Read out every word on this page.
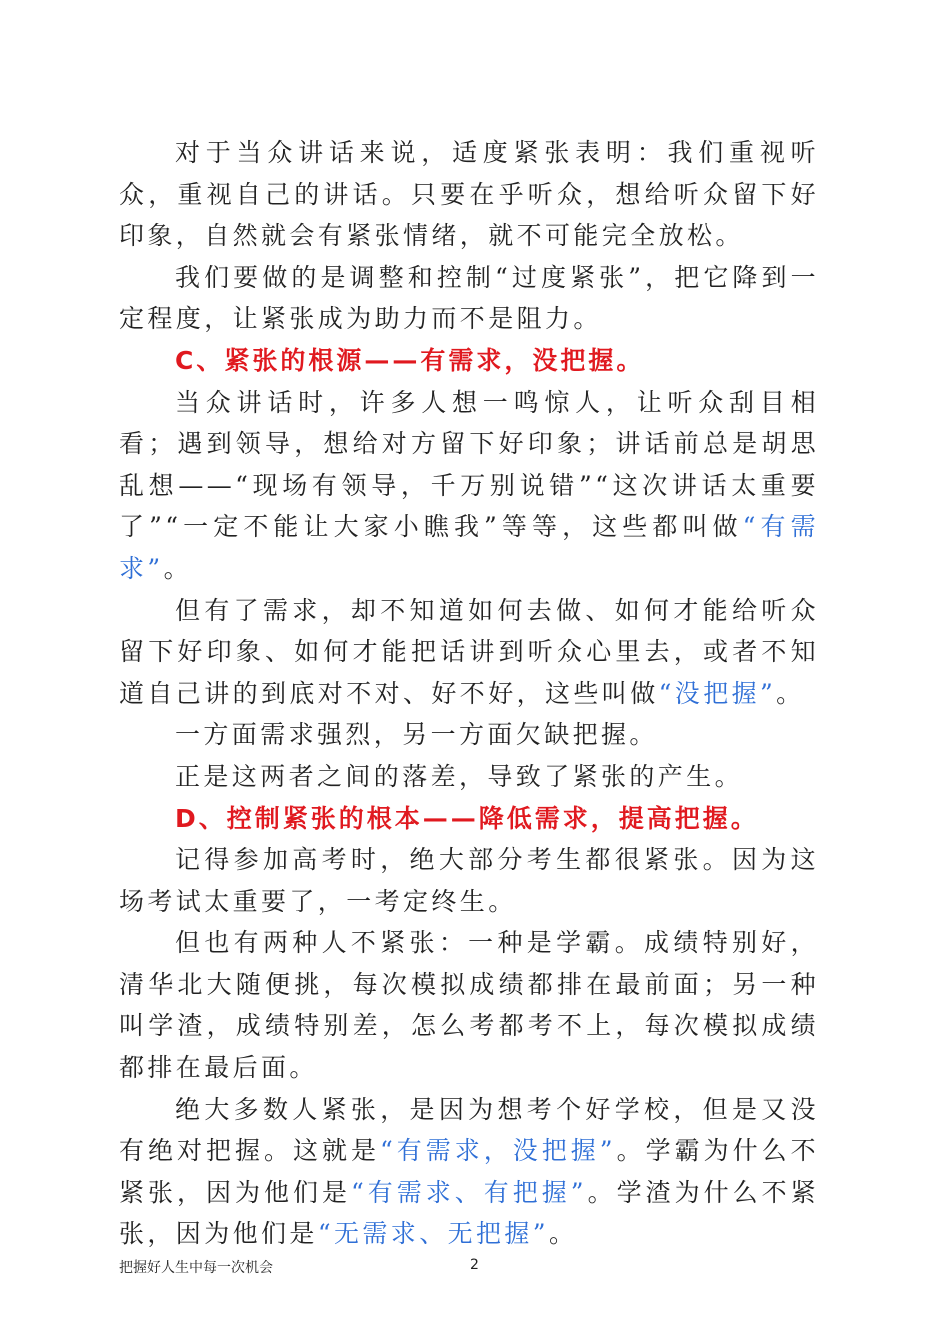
对于当众讲话来说，适度紧张表明：我们重视听众，重视自己的讲话。只要在乎听众，想给听众留下好印象，自然就会有紧张情绪，就不可能完全放松。

我们要做的是调整和控制“过度紧张”，把它降到一定程度，让紧张成为助力而不是阻力。

C、紧张的根源——有需求，没把握。

当众讲话时，许多人想一鸣惊人，让听众刮目相看；遇到领导，想给对方留下好印象；讲话前总是胡思乱想——“现场有领导，千万别说错”“这次讲话太重要了”“一定不能让大家小瞧我”等等，这些都叫做“有需求”。

但有了需求，却不知道如何去做、如何才能给听众留下好印象、如何才能把话讲到听众心里去，或者不知道自己讲的到底对不对、好不好，这些叫做“没把握”。

一方面需求强烈，另一方面欠缺把握。

正是这两者之间的落差，导致了紧张的产生。

D、控制紧张的根本——降低需求，提高把握。

记得参加高考时，绝大部分考生都很紧张。因为这场考试太重要了，一考定终生。

但也有两种人不紧张：一种是学霸。成绩特别好，清华北大随便挑，每次模拟成绩都排在最前面；另一种叫学渣，成绩特别差，怎么考都考不上，每次模拟成绩都排在最后面。

绝大多数人紧张，是因为想考个好学校，但是又没有绝对把握。这就是“有需求，没把握”。学霸为什么不紧张，因为他们是“有需求、有把握”。学渣为什么不紧张，因为他们是“无需求、无把握”。

把握好人生中每一次机会	2
